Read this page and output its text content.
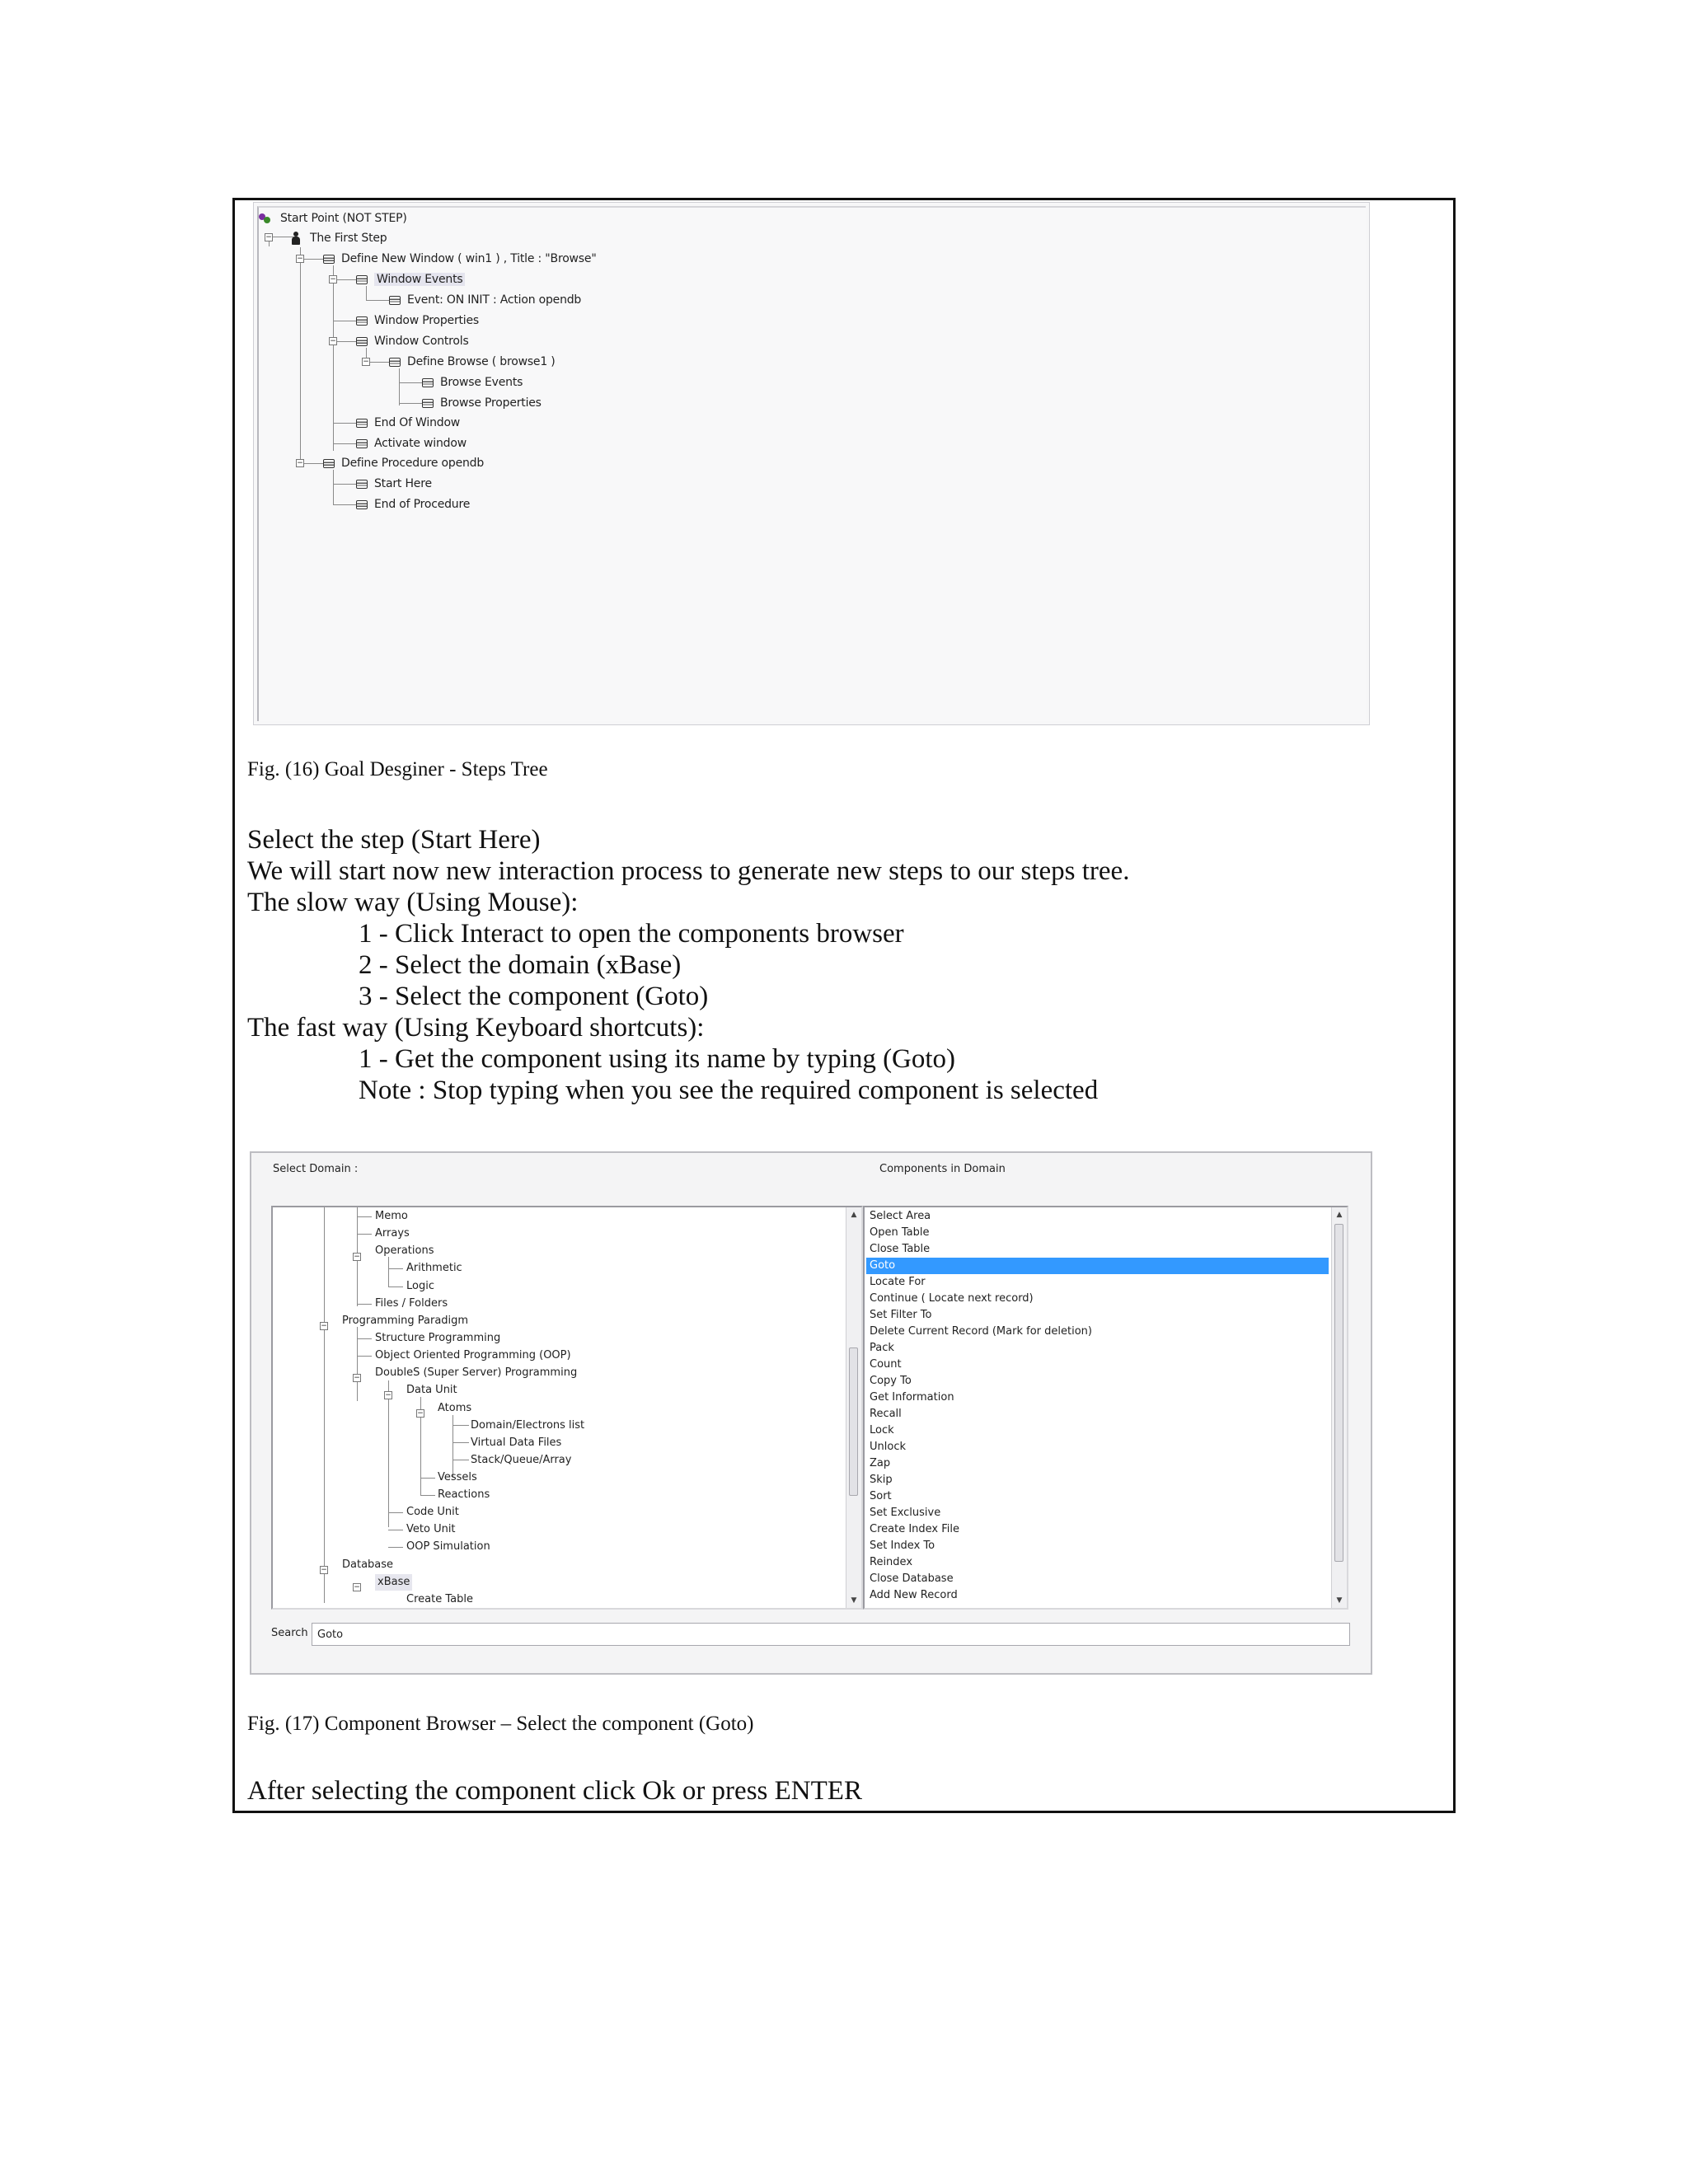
−
−
−
−
−
−
Start Point (NOT STEP)
The First Step
Define New Window ( win1 ) , Title : "Browse"
Window Events
Event: ON INIT : Action opendb
Window Properties
Window Controls
Define Browse ( browse1 )
Browse Events
Browse Properties
End Of Window
Activate window
Define Procedure opendb
Start Here
End of Procedure
Fig. (16) Goal Desginer - Steps Tree
Select the step (Start Here)
We will start now new interaction process to generate new steps to our steps tree.
The slow way (Using Mouse):
1 - Click Interact to open the components browser
2 - Select the domain (xBase)
3 - Select the component (Goto)
The fast way (Using Keyboard shortcuts):
1 - Get the component using its name by typing (Goto)
Note : Stop typing when you see the required component is selected
Select Domain :	Components in Domain
−
−
−
−
−
−
−
Memo
Arrays
Operations
Arithmetic
Logic
Files / Folders
Programming Paradigm
Structure Programming
Object Oriented Programming (OOP)
DoubleS (Super Server) Programming
Data Unit
Atoms
Domain/Electrons list
Virtual Data Files
Stack/Queue/Array
Vessels
Reactions
Code Unit
Veto Unit
OOP Simulation
Database
xBase
Create Table
▲
▼
Select Area
Open Table
Close Table
Goto
Locate For
Continue ( Locate next record)
Set Filter To
Delete Current Record (Mark for deletion)
Pack
Count
Copy To
Get Information
Recall
Lock
Unlock
Zap
Skip
Sort
Set Exclusive
Create Index File
Set Index To
Reindex
Close Database
Add New Record
▲
▼
Search
Goto
Fig. (17) Component Browser – Select the component (Goto)
After selecting the component click Ok or press ENTER
